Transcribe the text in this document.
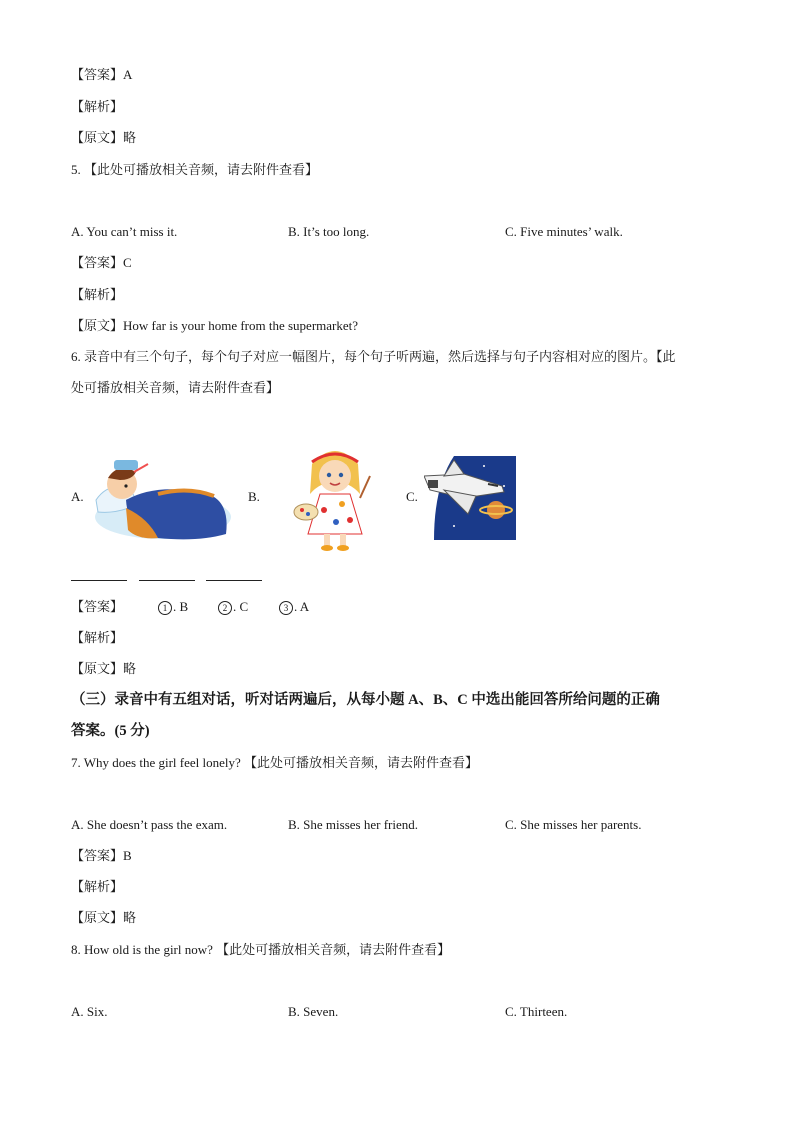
【答案】A
【解析】
【原文】略
5. 【此处可播放相关音频，请去附件查看】
A. You can’t miss it.	B. It’s too long.	C. Five minutes’ walk.
【答案】C
【解析】
【原文】How far is your home from the supermarket?
6. 录音中有三个句子，每个句子对应一幅图片，每个句子听两遍，然后选择与句子内容相对应的图片。【此
处可播放相关音频，请去附件查看】
A.	B.	C.
【答案】	1 . B	2 . C	3 . A
【解析】
【原文】略
（三）录音中有五组对话，听对话两遍后，从每小题 A、B、C 中选出能回答所给问题的正确
答案。(5 分)
7. Why does the girl feel lonely? 【此处可播放相关音频，请去附件查看】
A. She doesn’t pass the exam.	B. She misses her friend.	C. She misses her parents.
【答案】B
【解析】
【原文】略
8. How old is the girl now? 【此处可播放相关音频，请去附件查看】
A. Six.	B. Seven.	C. Thirteen.
